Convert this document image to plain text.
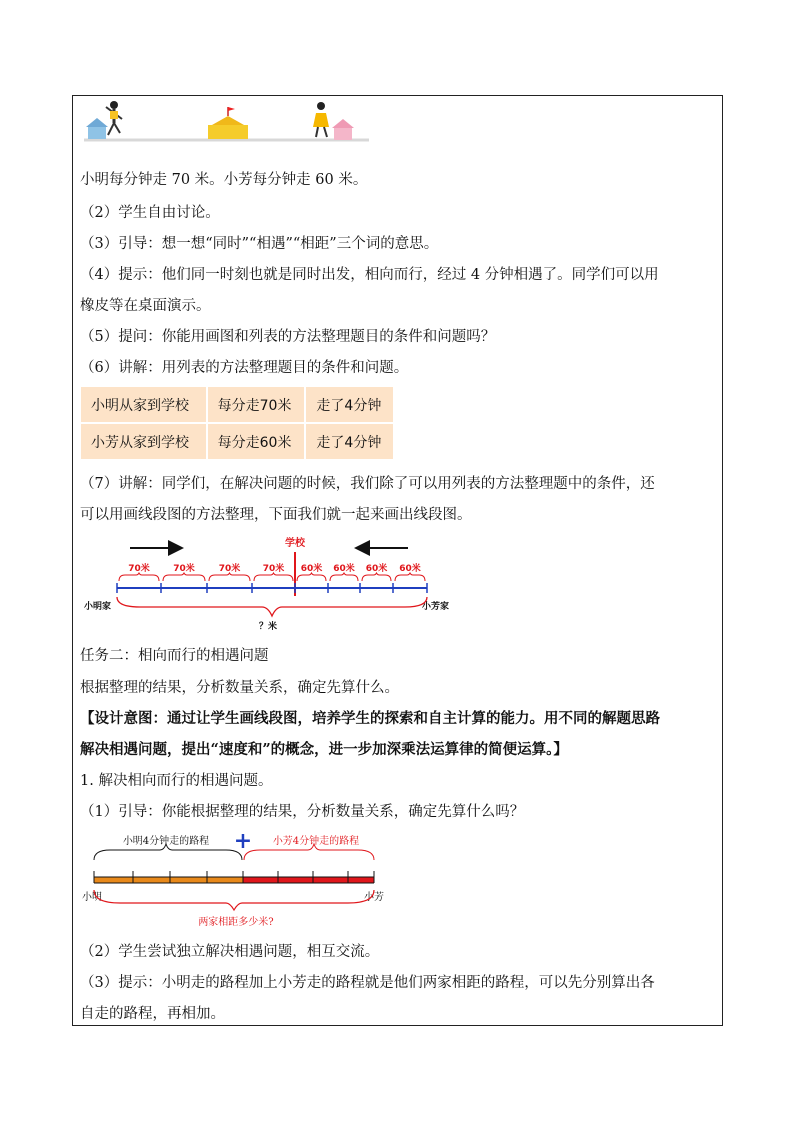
小明每分钟走 70 米。小芳每分钟走 60 米。
（2）学生自由讨论。
（3）引导：想一想“同时”“相遇”“相距”三个词的意思。
（4）提示：他们同一时刻也就是同时出发，相向而行，经过 4 分钟相遇了。同学们可以用
橡皮等在桌面演示。
（5）提问：你能用画图和列表的方法整理题目的条件和问题吗？
（6）讲解：用列表的方法整理题目的条件和问题。
小明从家到学校	每分走70米	走了4分钟
小芳从家到学校	每分走60米	走了4分钟
（7）讲解：同学们，在解决问题的时候，我们除了可以用列表的方法整理题中的条件，还
可以用画线段图的方法整理，下面我们就一起来画出线段图。
学校
70米	70米	70米 70米 60米 60米 60米 60米
小明家	小芳家
？米
任务二：相向而行的相遇问题
根据整理的结果，分析数量关系，确定先算什么。
【设计意图：通过让学生画线段图，培养学生的探索和自主计算的能力。用不同的解题思路
解决相遇问题，提出“速度和”的概念，进一步加深乘法运算律的简便运算。】
1. 解决相向而行的相遇问题。
（1）引导：你能根据整理的结果，分析数量关系，确定先算什么吗？
小明4分钟走的路程	小芳4分钟走的路程
+
小明	小芳
两家相距多少米?
（2）学生尝试独立解决相遇问题，相互交流。
（3）提示：小明走的路程加上小芳走的路程就是他们两家相距的路程，可以先分别算出各
自走的路程，再相加。
